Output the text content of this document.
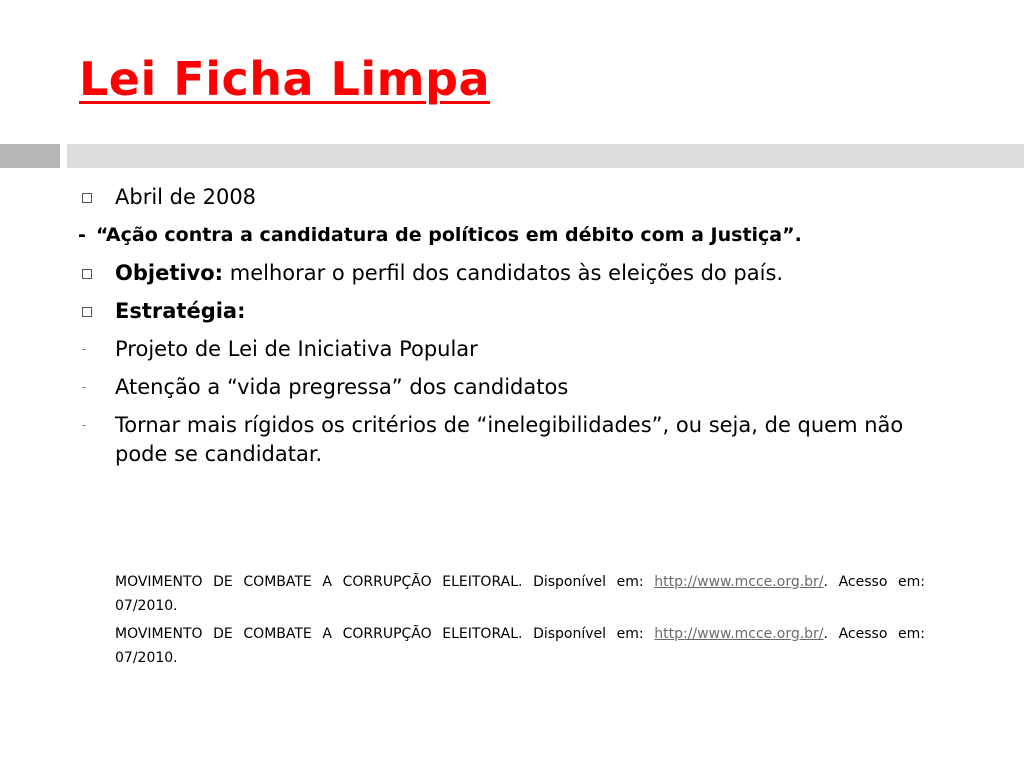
Lei Ficha Limpa
Abril de 2008
- “Ação contra a candidatura de políticos em débito com a Justiça”.
Objetivo: melhorar o perfil dos candidatos às eleições do país.
Estratégia:
- Projeto de Lei de Iniciativa Popular
- Atenção a “vida pregressa” dos candidatos
- Tornar mais rígidos os critérios de “inelegibilidades”, ou seja, de quem não pode se candidatar.
MOVIMENTO DE COMBATE A CORRUPÇÃO ELEITORAL. Disponível em: http://www.mcce.org.br/. Acesso em: 07/2010.
MOVIMENTO DE COMBATE A CORRUPÇÃO ELEITORAL. Disponível em: http://www.mcce.org.br/. Acesso em: 07/2010.
